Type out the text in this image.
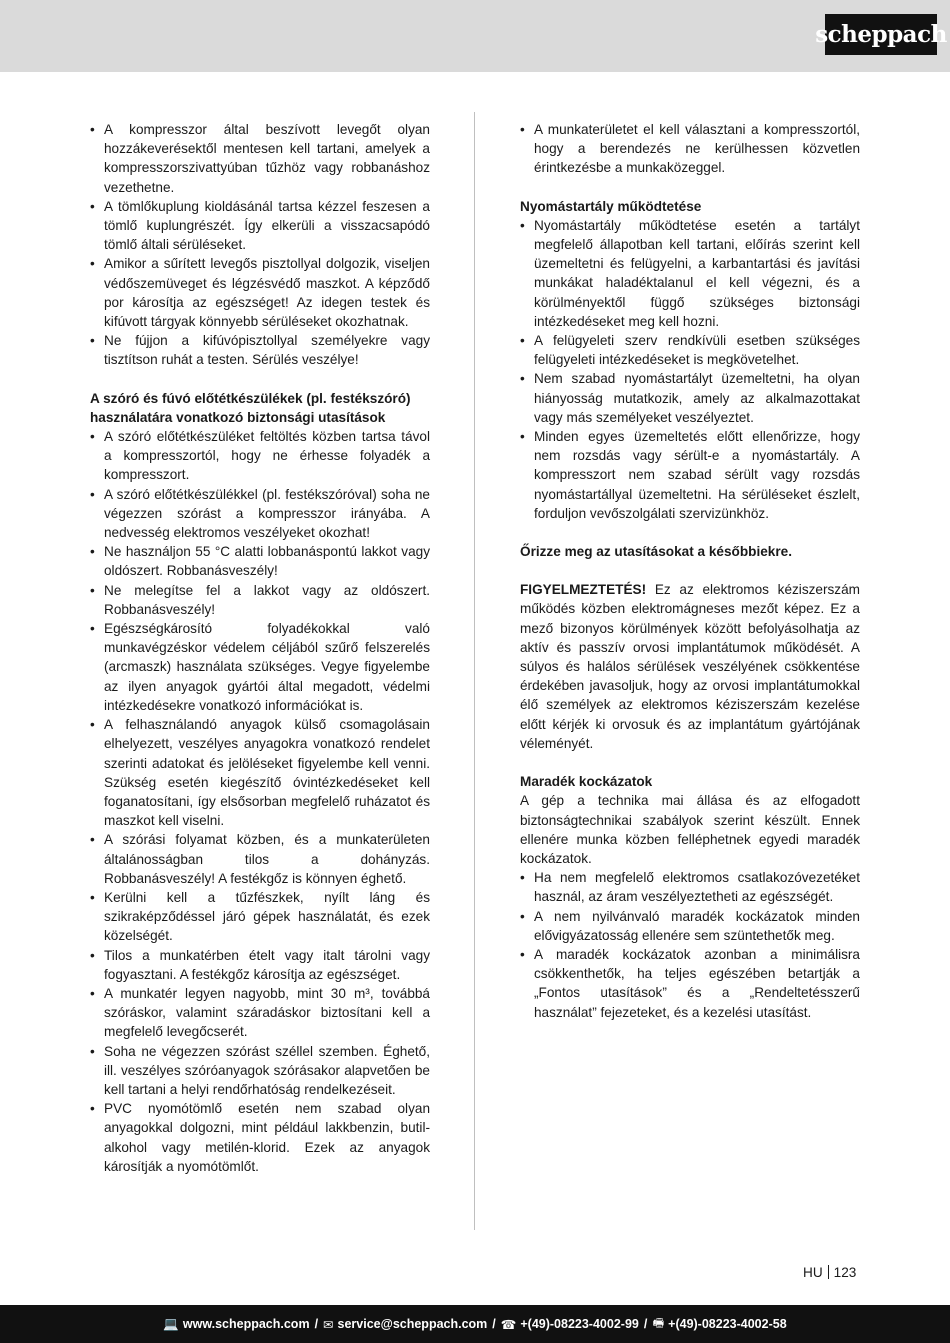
scheppach
• A kompresszor által beszívott levegőt olyan hozzákeverésektől mentesen kell tartani, amelyek a kompresszorszivattyúban tűzhöz vagy robbanáshoz vezethetne.
• A tömlőkuplung kioldásánál tartsa kézzel feszesen a tömlő kuplungrészét. Így elkerüli a visszacsapódó tömlő általi sérüléseket.
• Amikor a sűrített levegős pisztollyal dolgozik, viseljen védőszemüveget és légzésvédő maszkot. A képződő por károsítja az egészséget! Az idegen testek és kifúvott tárgyak könnyebb sérüléseket okozhatnak.
• Ne fújjon a kifúvópisztollyal személyekre vagy tisztítson ruhát a testen. Sérülés veszélye!
A szóró és fúvó előtétkészülékek (pl. festékszóró) használatára vonatkozó biztonsági utasítások
• A szóró előtétkészüléket feltöltés közben tartsa távol a kompresszortól, hogy ne érhesse folyadék a kompresszort.
• A szóró előtétkészülékkel (pl. festékszóróval) soha ne végezzen szórást a kompresszor irányába. A nedvesség elektromos veszélyeket okozhat!
• Ne használjon 55 °C alatti lobbanáspontú lakkot vagy oldószert. Robbanásveszély!
• Ne melegítse fel a lakkot vagy az oldószert. Robbanásveszély!
• Egészségkárosító folyadékokkal való munkavégzéskor védelem céljából szűrő felszerelés (arcmaszk) használata szükséges. Vegye figyelembe az ilyen anyagok gyártói által megadott, védelmi intézkedésekre vonatkozó információkat is.
• A felhasználandó anyagok külső csomagolásain elhelyezett, veszélyes anyagokra vonatkozó rendelet szerinti adatokat és jelöléseket figyelembe kell venni. Szükség esetén kiegészítő óvintézkedéseket kell foganatosítani, így elsősorban megfelelő ruházatot és maszkot kell viselni.
• A szórási folyamat közben, és a munkaterületen általánosságban tilos a dohányzás. Robbanásveszély! A festékgőz is könnyen éghető.
• Kerülni kell a tűzfészkek, nyílt láng és szikraképződéssel járó gépek használatát, és ezek közelségét.
• Tilos a munkatérben ételt vagy italt tárolni vagy fogyasztani. A festékgőz károsítja az egészséget.
• A munkatér legyen nagyobb, mint 30 m³, továbbá szóráskor, valamint száradáskor biztosítani kell a megfelelő levegőcserét.
• Soha ne végezzen szórást széllel szemben. Éghető, ill. veszélyes szóróanyagok szórásakor alapvetően be kell tartani a helyi rendőrhatóság rendelkezéseit.
• PVC nyomótömlő esetén nem szabad olyan anyagokkal dolgozni, mint például lakkbenzin, butil-alkohol vagy metilén-klorid. Ezek az anyagok károsítják a nyomótömlőt.
• A munkaterületet el kell választani a kompresszortól, hogy a berendezés ne kerülhessen közvetlen érintkezésbe a munkaközeggel.
Nyomástartály működtetése
• Nyomástartály működtetése esetén a tartályt megfelelő állapotban kell tartani, előírás szerint kell üzemeltetni és felügyelni, a karbantartási és javítási munkákat haladéktalanul el kell végezni, és a körülményektől függő szükséges biztonsági intézkedéseket meg kell hozni.
• A felügyeleti szerv rendkívüli esetben szükséges felügyeleti intézkedéseket is megkövetelhet.
• Nem szabad nyomástartályt üzemeltetni, ha olyan hiányosság mutatkozik, amely az alkalmazottakat vagy más személyeket veszélyeztet.
• Minden egyes üzemeltetés előtt ellenőrizze, hogy nem rozsdás vagy sérült-e a nyomástartály. A kompresszort nem szabad sérült vagy rozsdás nyomástartállyal üzemeltetni. Ha sérüléseket észlelt, forduljon vevőszolgálati szervizünkhöz.
Őrizze meg az utasításokat a későbbiekre.

FIGYELMEZTETÉS! Ez az elektromos kéziszerszám működés közben elektromágneses mezőt képez. Ez a mező bizonyos körülmények között befolyásolhatja az aktív és passzív orvosi implantátumok működését. A súlyos és halálos sérülések veszélyének csökkentése érdekében javasoljuk, hogy az orvosi implantátumokkal élő személyek az elektromos kéziszerszám kezelése előtt kérjék ki orvosuk és az implantátum gyártójának véleményét.

Maradék kockázatok

A gép a technika mai állása és az elfogadott biztonságtechnikai szabályok szerint készült. Ennek ellenére munka közben felléphetnek egyedi maradék kockázatok.

• Ha nem megfelelő elektromos csatlakozóvezetéket használ, az áram veszélyeztetheti az egészségét.
• A nem nyilvánvaló maradék kockázatok minden elővigyázatosság ellenére sem szüntethetők meg.
• A maradék kockázatok azonban a minimálisra csökkenthetők, ha teljes egészében betartják a „Fontos utasítások” és a „Rendeltetésszerű használat” fejezeteket, és a kezelési utasítást.
HU 123
💻 www.scheppach.com / ✉ service@scheppach.com / ☎ +(49)-08223-4002-99 / 🖷 +(49)-08223-4002-58
